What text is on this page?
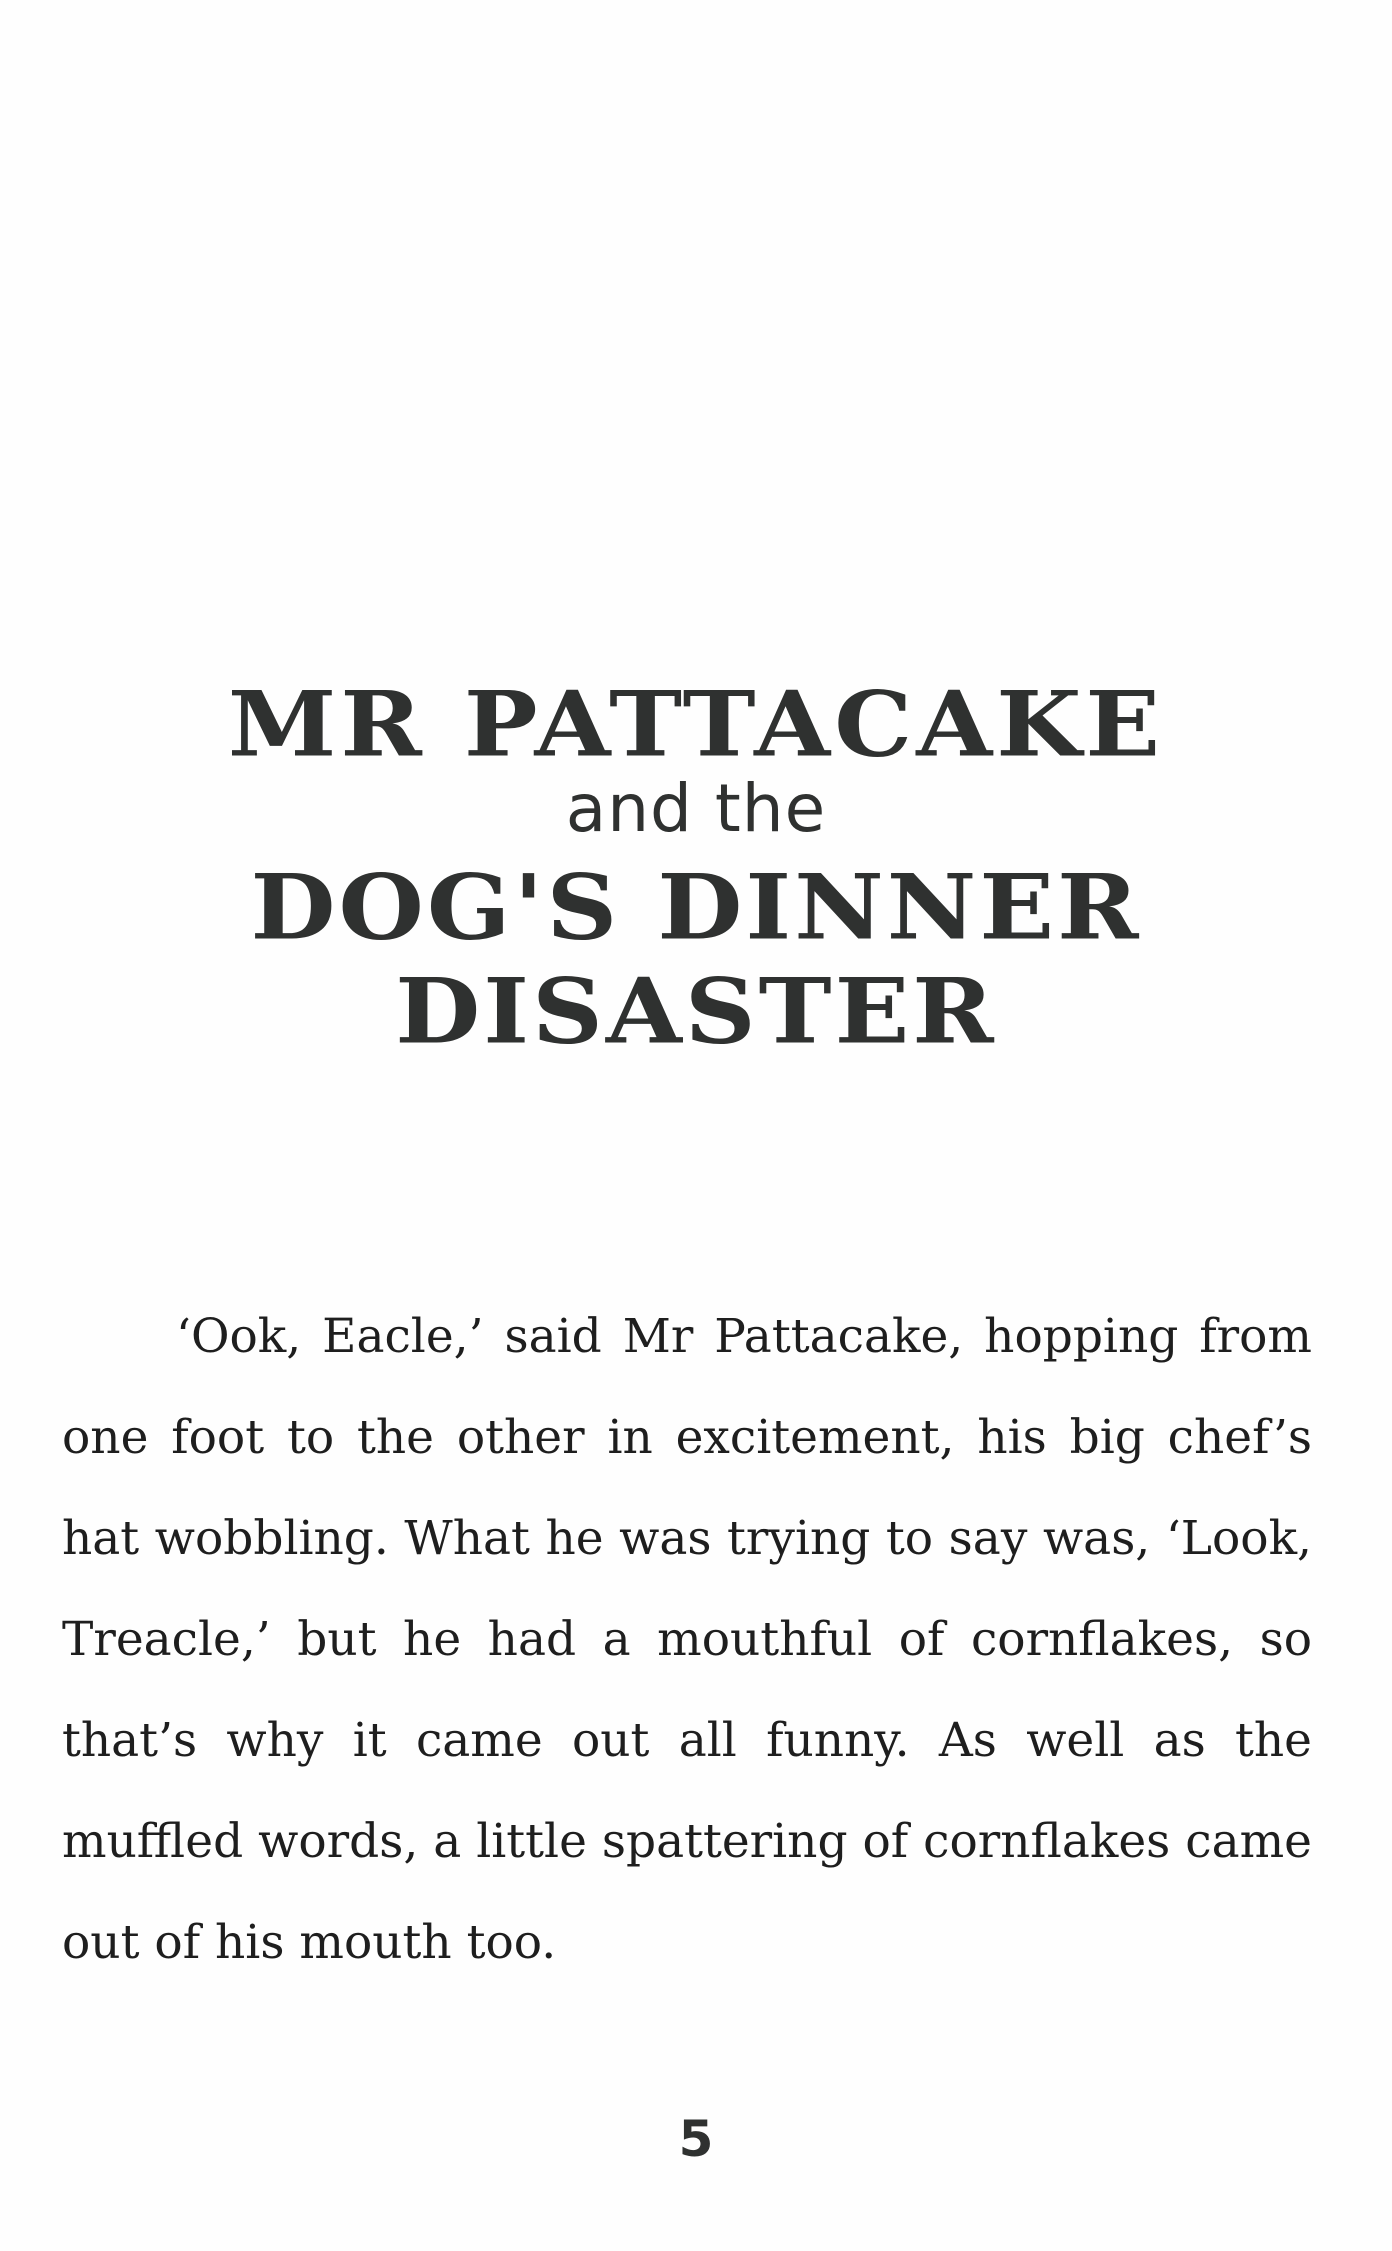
MR PATTACAKE
and the
DOG'S DINNER
DISASTER

‘Ook, Eacle,’ said Mr Pattacake, hopping from one foot to the other in excitement, his big chef’s hat wobbling. What he was trying to say was, ‘Look, Treacle,’ but he had a mouthful of cornflakes, so that’s why it came out all funny. As well as the muffled words, a little spattering of cornflakes came out of his mouth too.

5
